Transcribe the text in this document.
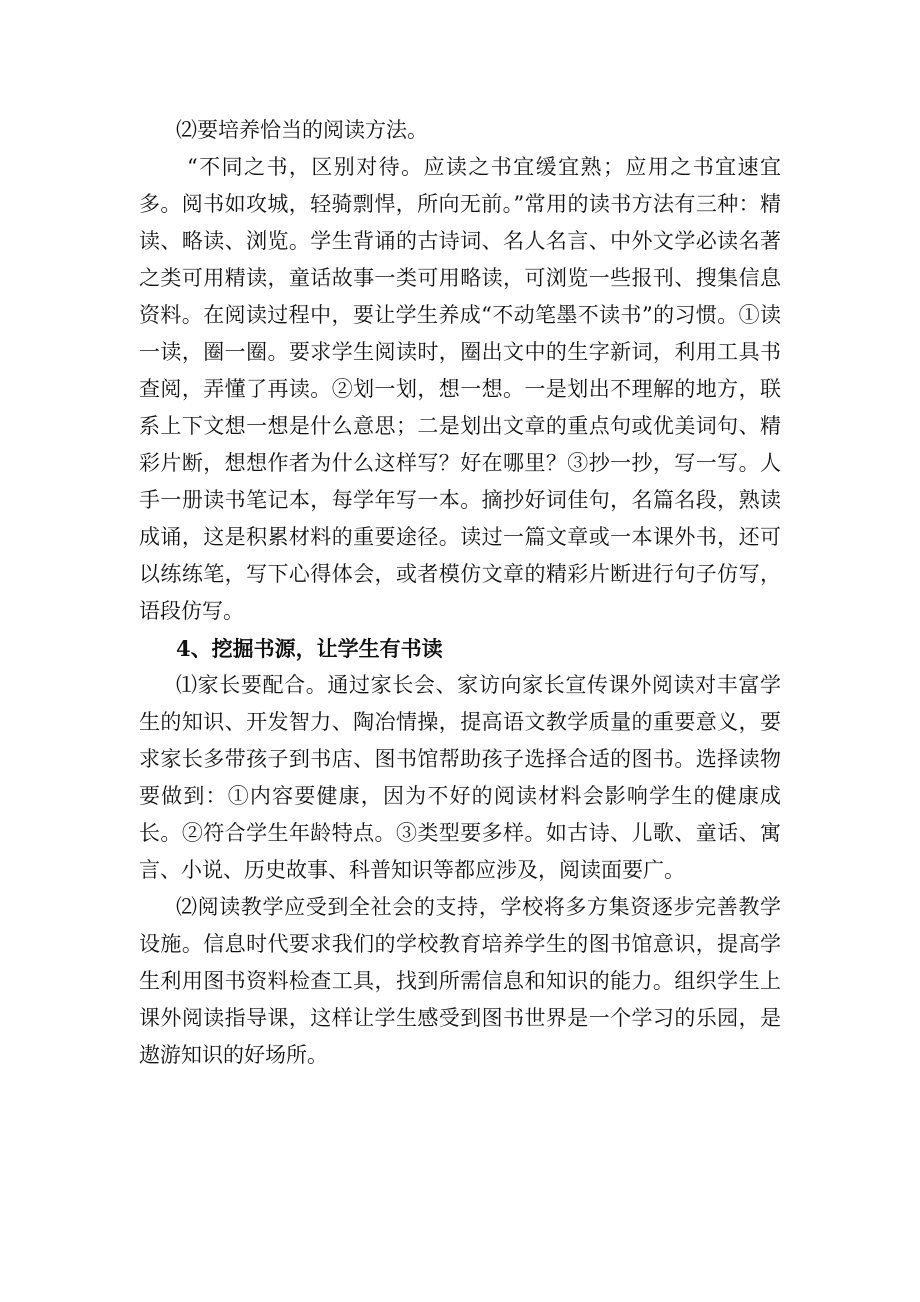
⑵要培养恰当的阅读方法。

“不同之书，区别对待。应读之书宜缓宜熟；应用之书宜速宜多。阅书如攻城，轻骑剽悍，所向无前。”常用的读书方法有三种：精读、略读、浏览。学生背诵的古诗词、名人名言、中外文学必读名著之类可用精读，童话故事一类可用略读，可浏览一些报刊、搜集信息资料。在阅读过程中，要让学生养成“不动笔墨不读书”的习惯。①读一读，圈一圈。要求学生阅读时，圈出文中的生字新词，利用工具书查阅，弄懂了再读。②划一划，想一想。一是划出不理解的地方，联系上下文想一想是什么意思；二是划出文章的重点句或优美词句、精彩片断，想想作者为什么这样写？好在哪里？③抄一抄，写一写。人手一册读书笔记本，每学年写一本。摘抄好词佳句，名篇名段，熟读成诵，这是积累材料的重要途径。读过一篇文章或一本课外书，还可以练练笔，写下心得体会，或者模仿文章的精彩片断进行句子仿写，语段仿写。

4、挖掘书源，让学生有书读

⑴家长要配合。通过家长会、家访向家长宣传课外阅读对丰富学生的知识、开发智力、陶冶情操，提高语文教学质量的重要意义，要求家长多带孩子到书店、图书馆帮助孩子选择合适的图书。选择读物要做到：①内容要健康，因为不好的阅读材料会影响学生的健康成长。②符合学生年龄特点。③类型要多样。如古诗、儿歌、童话、寓言、小说、历史故事、科普知识等都应涉及，阅读面要广。

⑵阅读教学应受到全社会的支持，学校将多方集资逐步完善教学设施。信息时代要求我们的学校教育培养学生的图书馆意识，提高学生利用图书资料检查工具，找到所需信息和知识的能力。组织学生上课外阅读指导课，这样让学生感受到图书世界是一个学习的乐园，是遨游知识的好场所。
